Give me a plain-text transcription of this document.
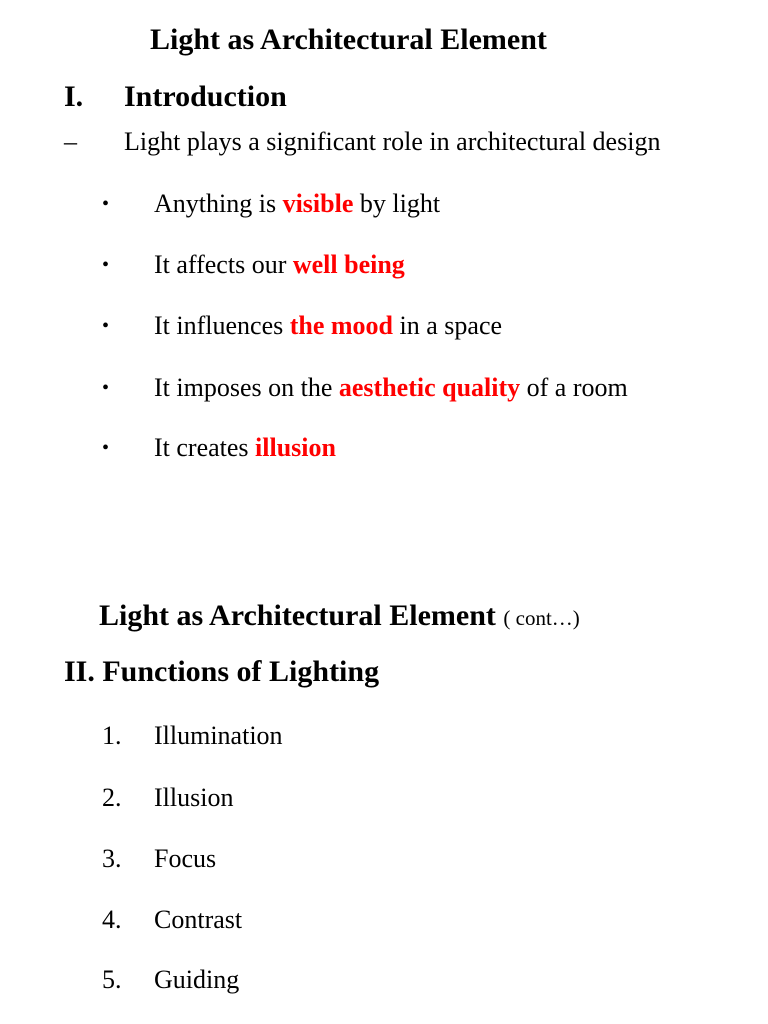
Light as Architectural Element
I. Introduction
– Light plays a significant role in architectural design
• Anything is visible by light
• It affects our well being
• It influences the mood in a space
• It imposes on the aesthetic quality of a room
• It creates illusion
Light as Architectural Element ( cont…)
II. Functions of Lighting
1. Illumination
2. Illusion
3. Focus
4. Contrast
5. Guiding
